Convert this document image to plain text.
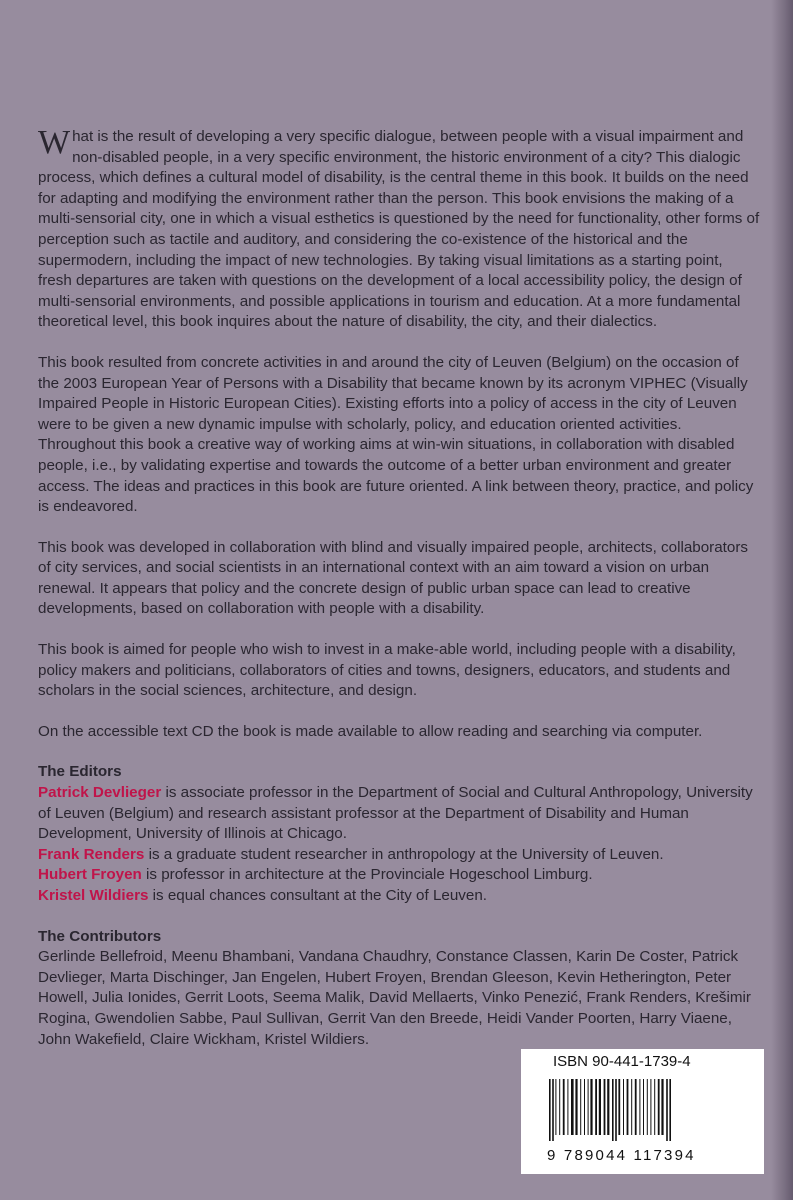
What is the result of developing a very specific dialogue, between people with a visual impairment and non-disabled people, in a very specific environment, the historic environment of a city? This dialogic process, which defines a cultural model of disability, is the central theme in this book. It builds on the need for adapting and modifying the environment rather than the person. This book envisions the making of a multi-sensorial city, one in which a visual esthetics is questioned by the need for functionality, other forms of perception such as tactile and auditory, and considering the co-existence of the historical and the supermodern, including the impact of new technologies. By taking visual limitations as a starting point, fresh departures are taken with questions on the development of a local accessibility policy, the design of multi-sensorial environments, and possible applications in tourism and education. At a more fundamental theoretical level, this book inquires about the nature of disability, the city, and their dialectics.

This book resulted from concrete activities in and around the city of Leuven (Belgium) on the occasion of the 2003 European Year of Persons with a Disability that became known by its acronym VIPHEC (Visually Impaired People in Historic European Cities). Existing efforts into a policy of access in the city of Leuven were to be given a new dynamic impulse with scholarly, policy, and education oriented activities. Throughout this book a creative way of working aims at win-win situations, in collaboration with disabled people, i.e., by validating expertise and towards the outcome of a better urban environment and greater access. The ideas and practices in this book are future oriented. A link between theory, practice, and policy is endeavored.

This book was developed in collaboration with blind and visually impaired people, architects, collaborators of city services, and social scientists in an international context with an aim toward a vision on urban renewal. It appears that policy and the concrete design of public urban space can lead to creative developments, based on collaboration with people with a disability.

This book is aimed for people who wish to invest in a make-able world, including people with a disability, policy makers and politicians, collaborators of cities and towns, designers, educators, and students and scholars in the social sciences, architecture, and design.

On the accessible text CD the book is made available to allow reading and searching via computer.

The Editors

Patrick Devlieger is associate professor in the Department of Social and Cultural Anthropology, University of Leuven (Belgium) and research assistant professor at the Department of Disability and Human Development, University of Illinois at Chicago.

Frank Renders is a graduate student researcher in anthropology at the University of Leuven.

Hubert Froyen is professor in architecture at the Provinciale Hogeschool Limburg.

Kristel Wildiers is equal chances consultant at the City of Leuven.

The Contributors

Gerlinde Bellefroid, Meenu Bhambani, Vandana Chaudhry, Constance Classen, Karin De Coster, Patrick Devlieger, Marta Dischinger, Jan Engelen, Hubert Froyen, Brendan Gleeson, Kevin Hetherington, Peter Howell, Julia Ionides, Gerrit Loots, Seema Malik, David Mellaerts, Vinko Penezić, Frank Renders, Krešimir Rogina, Gwendolien Sabbe, Paul Sullivan, Gerrit Van den Breede, Heidi Vander Poorten, Harry Viaene, John Wakefield, Claire Wickham, Kristel Wildiers.

ISBN 90-441-1739-4
9 789044 117394
